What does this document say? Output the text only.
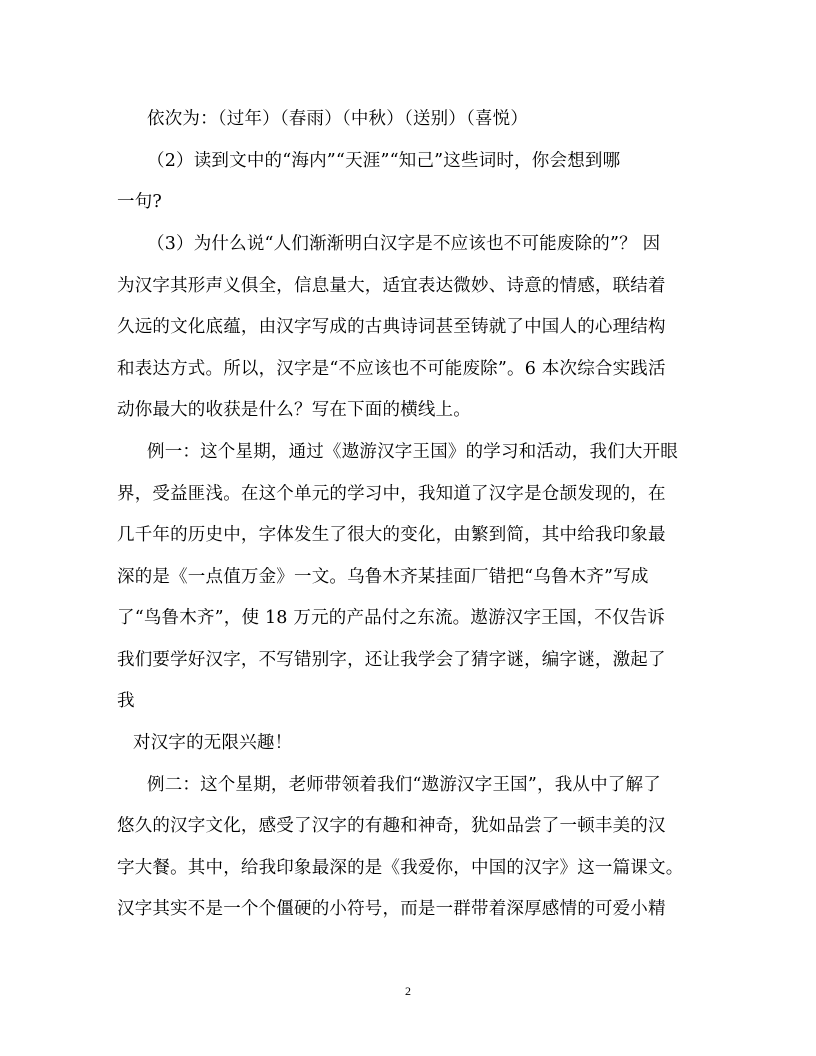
依次为：（过年）（春雨）（中秋）（送别）（喜悦）
（2）读到文中的“海内”“天涯”“知己”这些词时，你会想到哪
一句?
（3）为什么说“人们渐渐明白汉字是不应该也不可能废除的”？ 因
为汉字其形声义俱全，信息量大，适宜表达微妙、诗意的情感，联结着
久远的文化底蕴，由汉字写成的古典诗词甚至铸就了中国人的心理结构
和表达方式。所以，汉字是“不应该也不可能废除”。6 本次综合实践活
动你最大的收获是什么？写在下面的横线上。
例一：这个星期，通过《遨游汉字王国》的学习和活动，我们大开眼
界，受益匪浅。在这个单元的学习中，我知道了汉字是仓颉发现的，在
几千年的历史中，字体发生了很大的变化，由繁到简，其中给我印象最
深的是《一点值万金》一文。乌鲁木齐某挂面厂错把“乌鲁木齐”写成
了“鸟鲁木齐”，使 18 万元的产品付之东流。遨游汉字王国，不仅告诉
我们要学好汉字，不写错别字，还让我学会了猜字谜，编字谜，激起了
我
对汉字的无限兴趣！
例二：这个星期，老师带领着我们“遨游汉字王国”，我从中了解了
悠久的汉字文化，感受了汉字的有趣和神奇，犹如品尝了一顿丰美的汉
字大餐。其中，给我印象最深的是《我爱你，中国的汉字》这一篇课文。
汉字其实不是一个个僵硬的小符号，而是一群带着深厚感情的可爱小精
2
